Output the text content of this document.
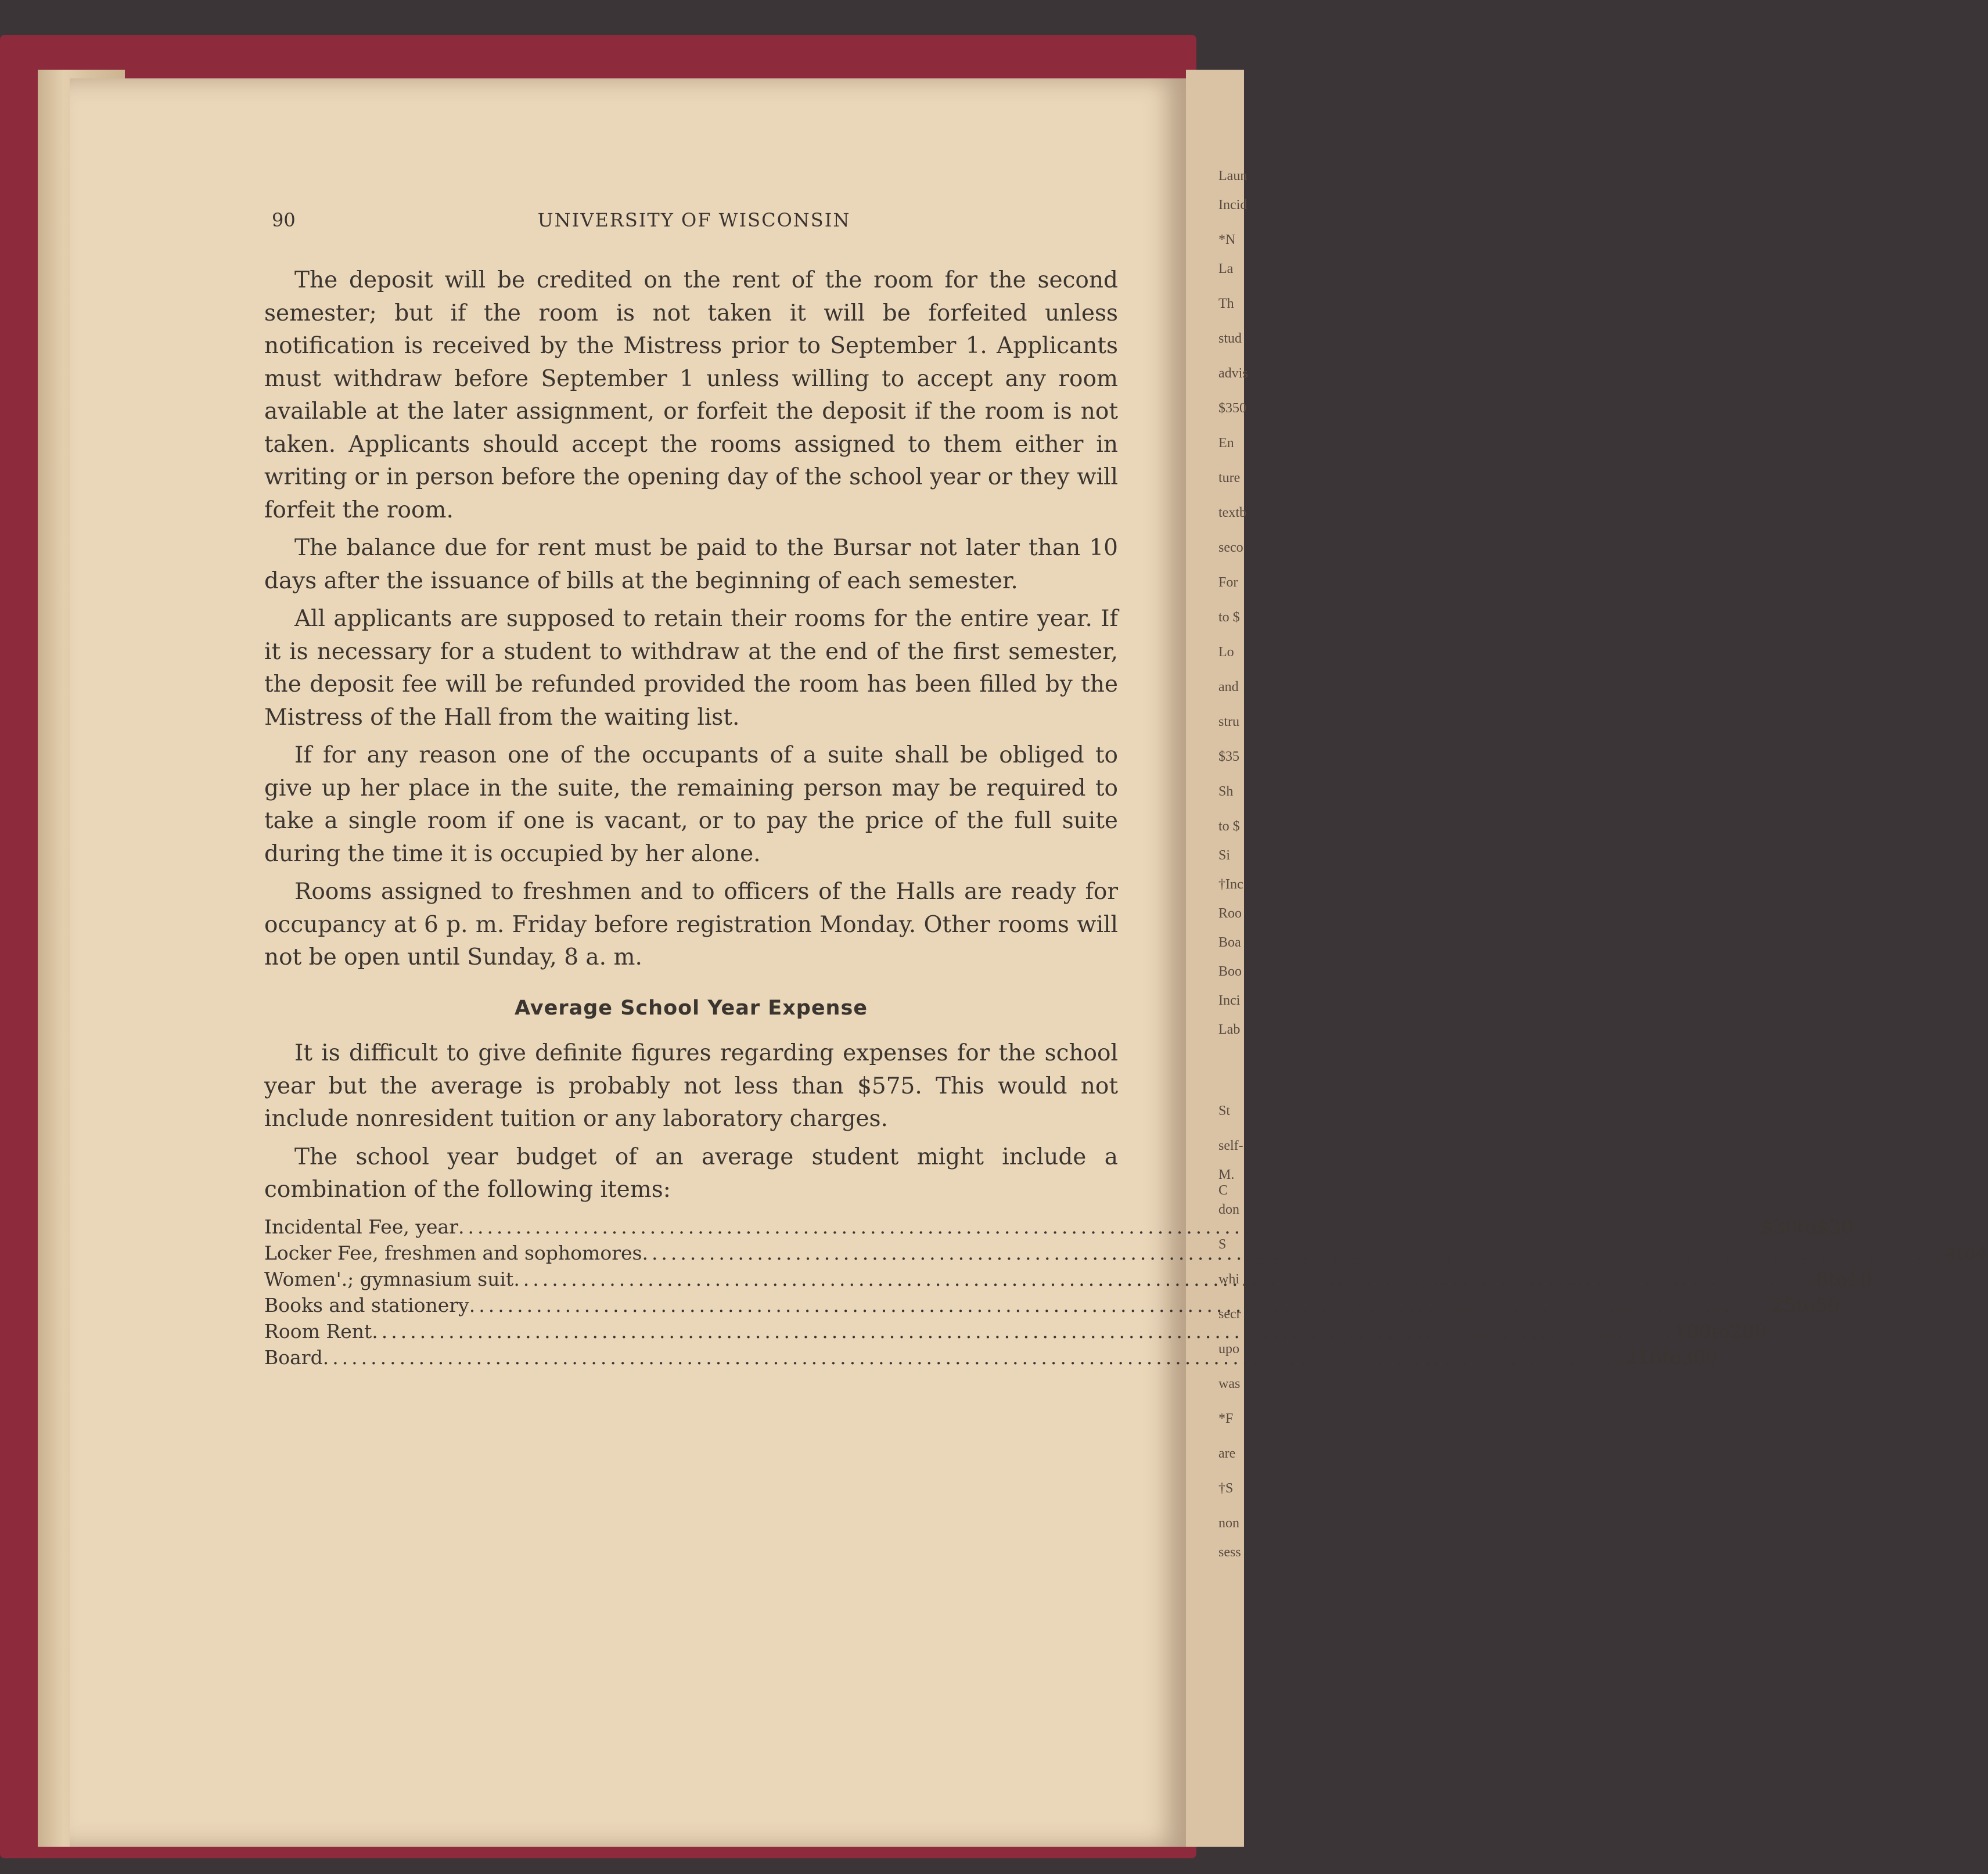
Laun
Incid
*N
La
Th
stud
advis
$350
En
ture
textb
seco
For
to $
Lo
and
stru
$35
Sh
to $
Si
†Inc
Roo
Boa
Boo
Inci
Lab
St
self-
M. C
don
S
whi
secr
upo
was
*F
are
†S
non
sess
90	UNIVERSITY OF WISCONSIN

The deposit will be credited on the rent of the room for the second semester; but if the room is not taken it will be forfeited unless notification is received by the Mistress prior to September 1. Applicants must withdraw before September 1 unless willing to accept any room available at the later assignment, or forfeit the deposit if the room is not taken. Applicants should accept the rooms assigned to them either in writing or in person before the opening day of the school year or they will forfeit the room.

The balance due for rent must be paid to the Bursar not later than 10 days after the issuance of bills at the beginning of each semester.

All applicants are supposed to retain their rooms for the entire year. If it is necessary for a student to withdraw at the end of the first semester, the deposit fee will be refunded provided the room has been filled by the Mistress of the Hall from the waiting list.

If for any reason one of the occupants of a suite shall be obliged to give up her place in the suite, the remaining person may be required to take a single room if one is vacant, or to pay the price of the full suite during the time it is occupied by her alone.

Rooms assigned to freshmen and to officers of the Halls are ready for occupancy at 6 p. m. Friday before registration Monday. Other rooms will not be open until Sunday, 8 a. m.

Average School Year Expense

It is difficult to give definite figures regarding expenses for the school year but the average is probably not less than $575. This would not include nonresident tuition or any laboratory charges.

The school year budget of an average student might include a combination of the following items:

Incidental Fee, year .....	$30 to $30
Locker Fee, freshmen and sophomores .....	4 to 4
Women'.; gymnasium suit .....	8 to 10
Books and stationery .....	25 to 50
Room Rent .....	100 to 200
Board .....	216 to 300
